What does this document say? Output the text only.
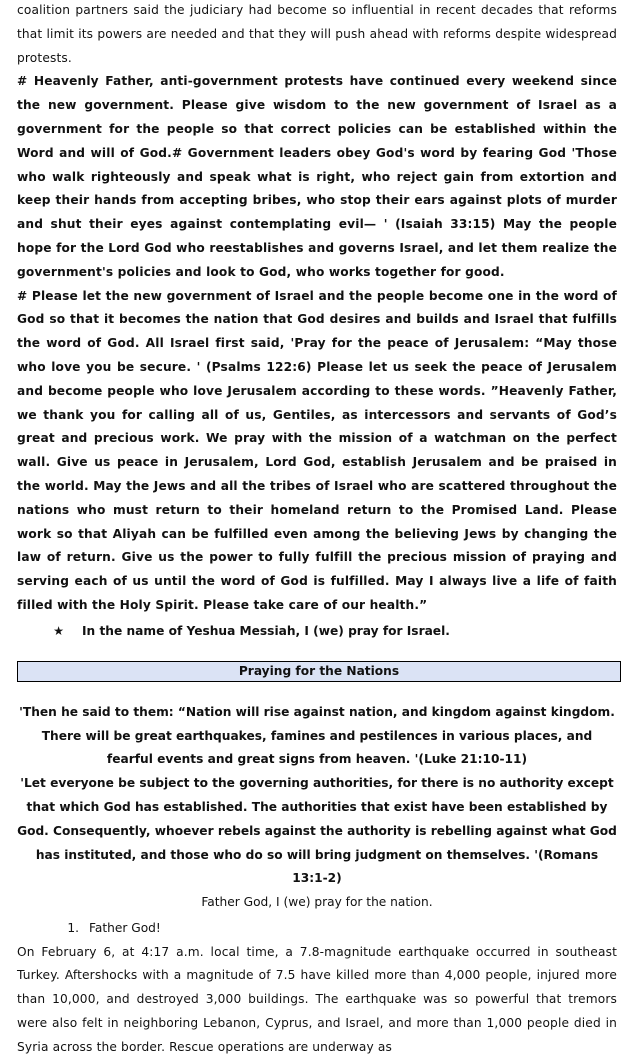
coalition partners said the judiciary had become so influential in recent decades that reforms that limit its powers are needed and that they will push ahead with reforms despite widespread protests.

# Heavenly Father, anti-government protests have continued every weekend since the new government. Please give wisdom to the new government of Israel as a government for the people so that correct policies can be established within the Word and will of God.# Government leaders obey God's word by fearing God 'Those who walk righteously and speak what is right, who reject gain from extortion and keep their hands from accepting bribes, who stop their ears against plots of murder and shut their eyes against contemplating evil— ' (Isaiah 33:15) May the people hope for the Lord God who reestablishes and governs Israel, and let them realize the government's policies and look to God, who works together for good.

# Please let the new government of Israel and the people become one in the word of God so that it becomes the nation that God desires and builds and Israel that fulfills the word of God. All Israel first said, 'Pray for the peace of Jerusalem: “May those who love you be secure. ' (Psalms 122:6) Please let us seek the peace of Jerusalem and become people who love Jerusalem according to these words. ”Heavenly Father, we thank you for calling all of us, Gentiles, as intercessors and servants of God’s great and precious work. We pray with the mission of a watchman on the perfect wall. Give us peace in Jerusalem, Lord God, establish Jerusalem and be praised in the world. May the Jews and all the tribes of Israel who are scattered throughout the nations who must return to their homeland return to the Promised Land. Please work so that Aliyah can be fulfilled even among the believing Jews by changing the law of return. Give us the power to fully fulfill the precious mission of praying and serving each of us until the word of God is fulfilled. May I always live a life of faith filled with the Holy Spirit. Please take care of our health.”

★	In the name of Yeshua Messiah, I (we) pray for Israel.
Praying for the Nations

'Then he said to them: “Nation will rise against nation, and kingdom against kingdom. There will be great earthquakes, famines and pestilences in various places, and fearful events and great signs from heaven. '(Luke 21:10-11)

'Let everyone be subject to the governing authorities, for there is no authority except that which God has established. The authorities that exist have been established by God. Consequently, whoever rebels against the authority is rebelling against what God has instituted, and those who do so will bring judgment on themselves. '(Romans 13:1-2)

Father God, I (we) pray for the nation.

1. Father God!

On February 6, at 4:17 a.m. local time, a 7.8-magnitude earthquake occurred in southeast Turkey. Aftershocks with a magnitude of 7.5 have killed more than 4,000 people, injured more than 10,000, and destroyed 3,000 buildings. The earthquake was so powerful that tremors were also felt in neighboring Lebanon, Cyprus, and Israel, and more than 1,000 people died in Syria across the border. Rescue operations are underway as
